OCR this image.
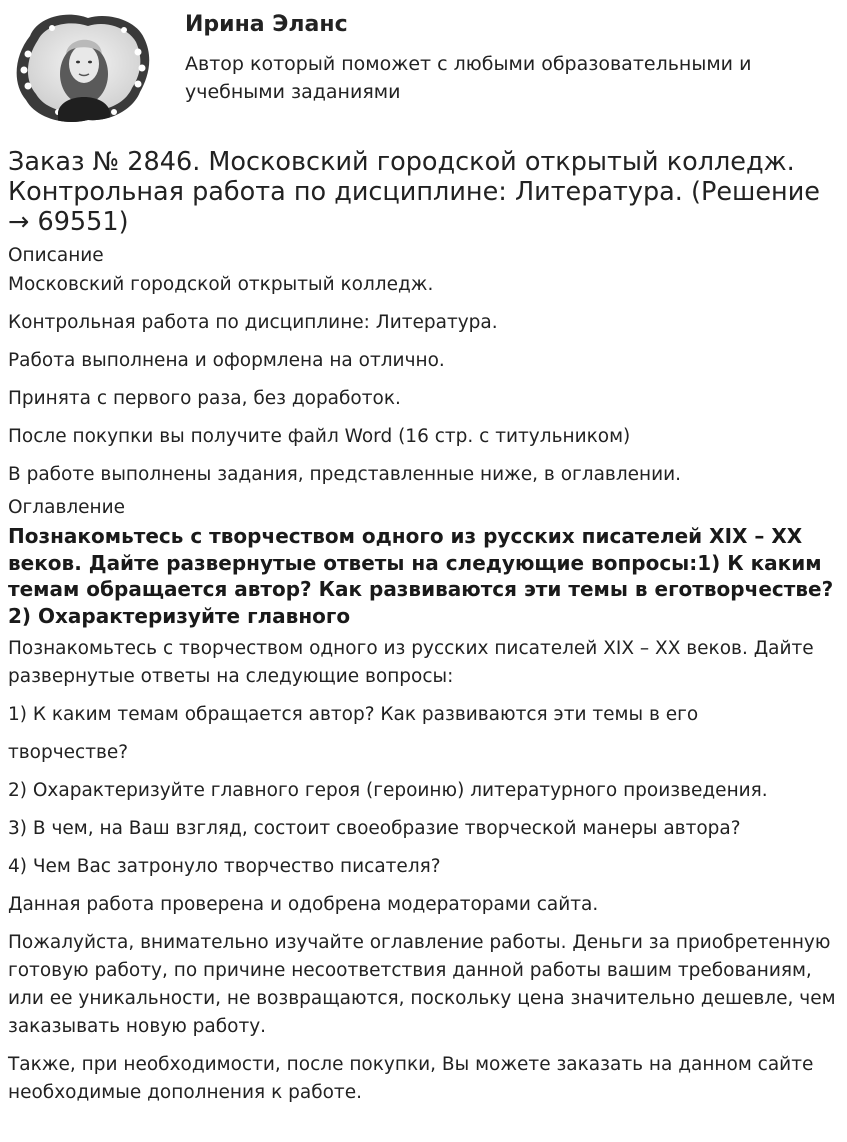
Ирина Эланс
Автор который поможет с любыми образовательными и учебными заданиями
Заказ № 2846. Московский городской открытый колледж. Контрольная работа по дисциплине: Литература. (Решение → 69551)
Описание

Московский городской открытый колледж.

Контрольная работа по дисциплине: Литература.

Работа выполнена и оформлена на отлично.

Принята с первого раза, без доработок.

После покупки вы получите файл Word (16 стр. с титульником)

В работе выполнены задания, представленные ниже, в оглавлении.

Оглавление
Познакомьтесь с творчеством одного из русских писателей XIX – XX веков. Дайте развернутые ответы на следующие вопросы:1) К каким темам обращается автор? Как развиваются эти темы в еготворчестве?2) Охарактеризуйте главного

Познакомьтесь с творчеством одного из русских писателей XIX – XX веков. Дайте развернутые ответы на следующие вопросы:

1) К каким темам обращается автор? Как развиваются эти темы в его

творчестве?

2) Охарактеризуйте главного героя (героиню) литературного произведения.

3) В чем, на Ваш взгляд, состоит своеобразие творческой манеры автора?

4) Чем Вас затронуло творчество писателя?

Данная работа проверена и одобрена модераторами сайта.

Пожалуйста, внимательно изучайте оглавление работы. Деньги за приобретенную готовую работу, по причине несоответствия данной работы вашим требованиям, или ее уникальности, не возвращаются, поскольку цена значительно дешевле, чем заказывать новую работу.

Также, при необходимости, после покупки, Вы можете заказать на данном сайте необходимые дополнения к работе.
